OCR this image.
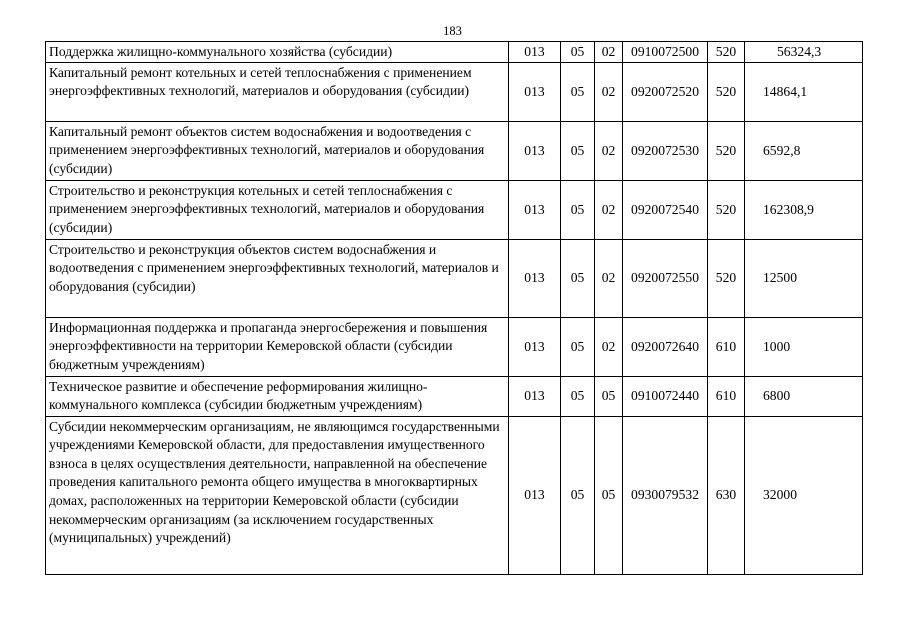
183
Поддержка жилищно-коммунального хозяйства (субсидии)	013	05	02	0910072500	520	56324,3
Капитальный ремонт котельных и сетей теплоснабжения с применением энергоэффективных технологий, материалов и оборудования (субсидии)	013	05	02	0920072520	520	14864,1
Капитальный ремонт объектов систем водоснабжения и водоотведения с применением энергоэффективных технологий, материалов и оборудования (субсидии)	013	05	02	0920072530	520	6592,8
Строительство и реконструкция котельных и сетей теплоснабжения с применением энергоэффективных технологий, материалов и оборудования (субсидии)	013	05	02	0920072540	520	162308,9
Строительство и реконструкция объектов систем водоснабжения и водоотведения с применением энергоэффективных технологий, материалов и оборудования (субсидии)	013	05	02	0920072550	520	12500
Информационная поддержка и пропаганда энергосбережения и повышения энергоэффективности на территории Кемеровской области (субсидии бюджетным учреждениям)	013	05	02	0920072640	610	1000
Техническое развитие и обеспечение реформирования жилищно-коммунального комплекса (субсидии бюджетным учреждениям)	013	05	05	0910072440	610	6800
Субсидии некоммерческим организациям, не являющимся государственными учреждениями Кемеровской области, для предоставления имущественного взноса в целях осуществления деятельности, направленной на обеспечение проведения капитального ремонта общего имущества в многоквартирных домах, расположенных на территории Кемеровской области (субсидии некоммерческим организациям (за исключением государственных (муниципальных) учреждений)	013	05	05	0930079532	630	32000
